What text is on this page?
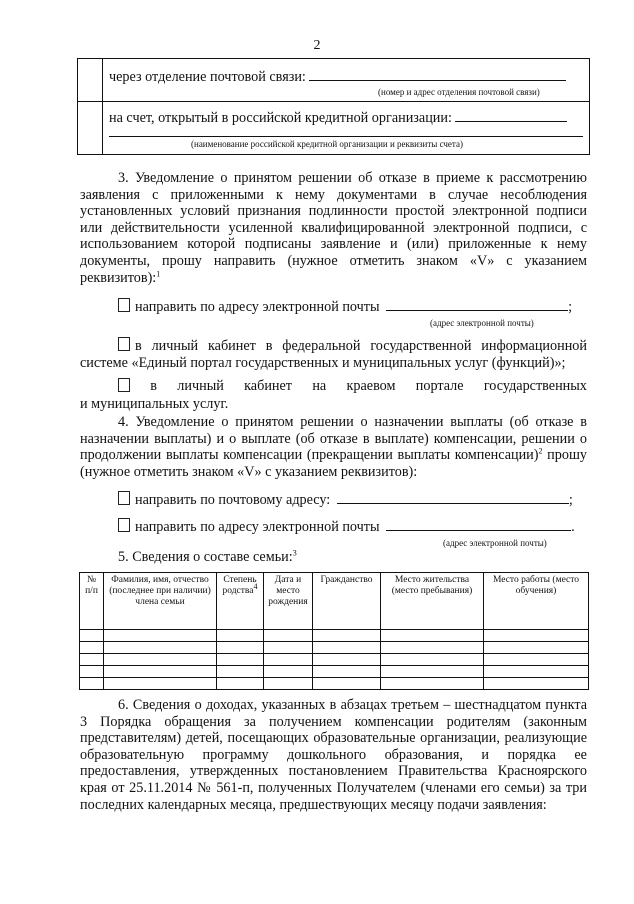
2
через отделение почтовой связи:
(номер и адрес отделения почтовой связи)
на счет, открытый в российской кредитной организации:
(наименование российской кредитной организации и реквизиты счета)
3. Уведомление о принятом решении об отказе в приеме к рассмотрению заявления с приложенными к нему документами в случае несоблюдения установленных условий признания подлинности простой электронной подписи или действительности усиленной квалифицированной электронной подписи, с использованием которой подписаны заявление и (или) приложенные к нему документы, прошу направить (нужное отметить знаком «V» с указанием реквизитов):$^1$
направить по адресу электронной почты	;
(адрес электронной почты)
в личный кабинет в федеральной государственной информационной системе «Единый портал государственных и муниципальных услуг (функций)»;
в личный кабинет на краевом портале государственных
и муниципальных услуг.
4. Уведомление о принятом решении о назначении выплаты (об отказе в назначении выплаты) и о выплате (об отказе в выплате) компенсации, решении о продолжении выплаты компенсации (прекращении выплаты компенсации)$^2$ прошу (нужное отметить знаком «V» с указанием реквизитов):
направить по почтовому адресу:	;
направить по адресу электронной почты	.
(адрес электронной почты)
5. Сведения о составе семьи:$^3$
№ п/п	Фамилия, имя, отчество (последнее при наличии) члена семьи	Степень родства$^4$	Дата и место рождения	Гражданство	Место жительства (место пребывания)	Место работы (место обучения)

6. Сведения о доходах, указанных в абзацах третьем – шестнадцатом пункта 3 Порядка обращения за получением компенсации родителям (законным представителям) детей, посещающих образовательные организации, реализующие образовательную программу дошкольного образования, и порядка ее предоставления, утвержденных постановлением Правительства Красноярского края от 25.11.2014 № 561-п, полученных Получателем (членами его семьи) за три последних календарных месяца, предшествующих месяцу подачи заявления:
